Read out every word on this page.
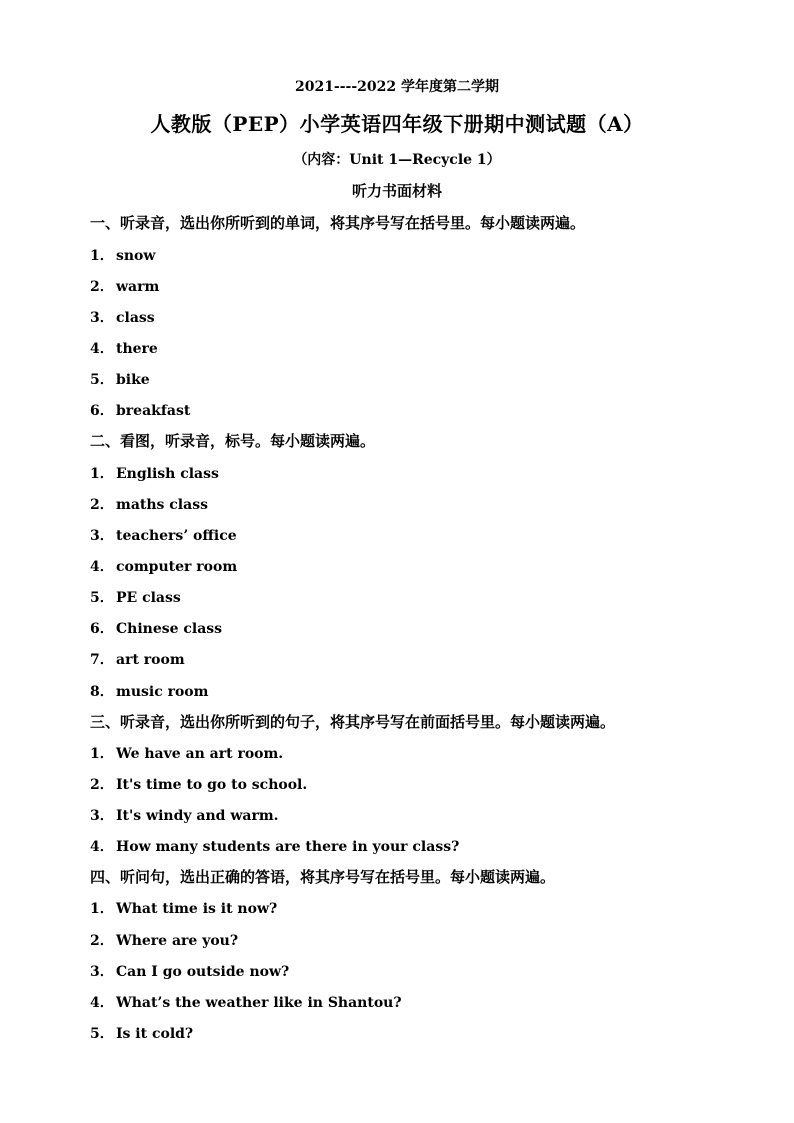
2021----2022 学年度第二学期
人教版（PEP）小学英语四年级下册期中测试题（A）
（内容：Unit 1—Recycle 1）
听力书面材料
一、听录音，选出你所听到的单词，将其序号写在括号里。每小题读两遍。
1． snow
2． warm
3． class
4． there
5． bike
6． breakfast
二、看图，听录音，标号。每小题读两遍。
1． English class
2． maths class
3． teachers’ office
4． computer room
5． PE class
6． Chinese class
7． art room
8． music room
三、听录音，选出你所听到的句子，将其序号写在前面括号里。每小题读两遍。
1． We have an art room.
2． It's time to go to school.
3． It's windy and warm.
4． How many students are there in your class?
四、听问句，选出正确的答语，将其序号写在括号里。每小题读两遍。
1． What time is it now?
2． Where are you?
3． Can I go outside now?
4． What’s the weather like in Shantou?
5． Is it cold?
